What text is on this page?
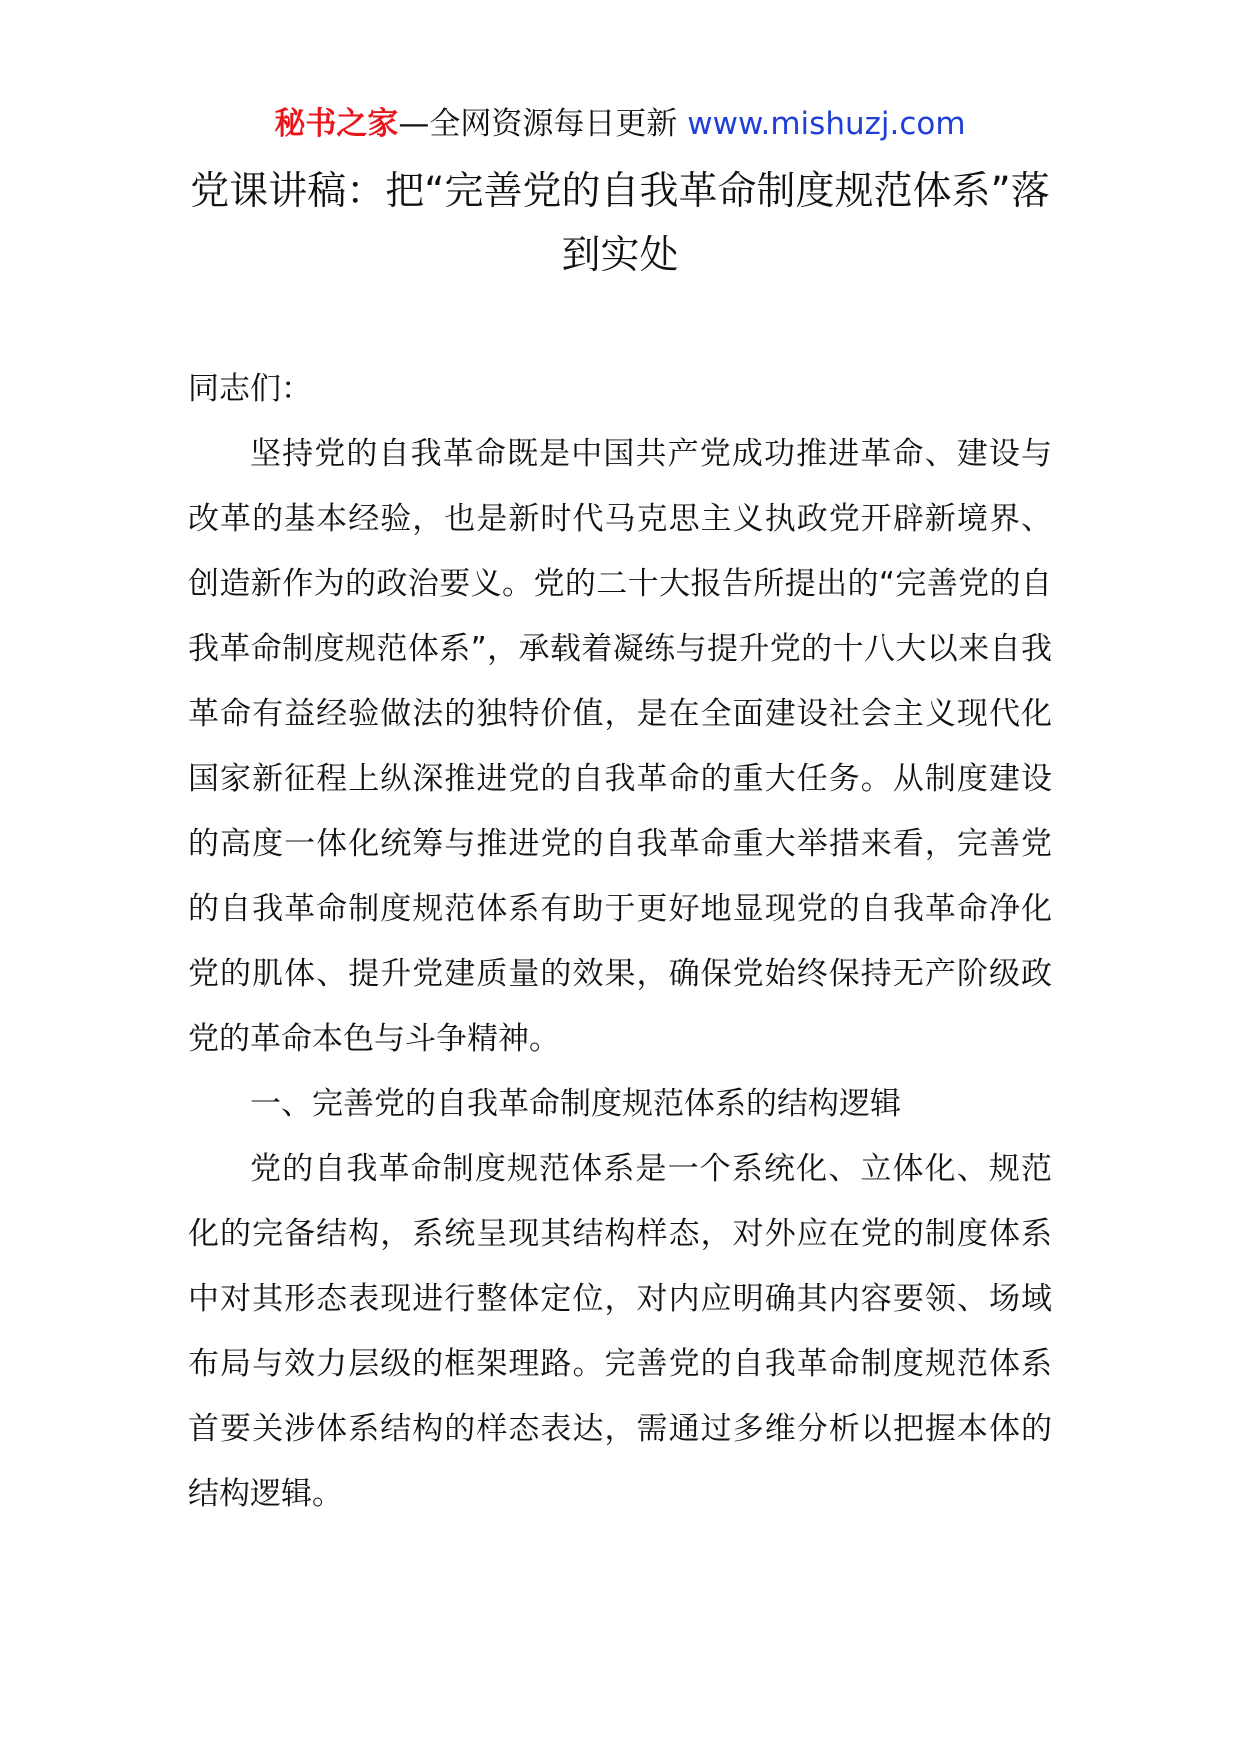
秘书之家—全网资源每日更新 www.mishuzj.com
党课讲稿：把“完善党的自我革命制度规范体系”落到实处

同志们：

坚持党的自我革命既是中国共产党成功推进革命、建设与改革的基本经验，也是新时代马克思主义执政党开辟新境界、创造新作为的政治要义。党的二十大报告所提出的“完善党的自我革命制度规范体系”，承载着凝练与提升党的十八大以来自我革命有益经验做法的独特价值，是在全面建设社会主义现代化国家新征程上纵深推进党的自我革命的重大任务。从制度建设的高度一体化统筹与推进党的自我革命重大举措来看，完善党的自我革命制度规范体系有助于更好地显现党的自我革命净化党的肌体、提升党建质量的效果，确保党始终保持无产阶级政党的革命本色与斗争精神。

一、完善党的自我革命制度规范体系的结构逻辑

党的自我革命制度规范体系是一个系统化、立体化、规范化的完备结构，系统呈现其结构样态，对外应在党的制度体系中对其形态表现进行整体定位，对内应明确其内容要领、场域布局与效力层级的框架理路。完善党的自我革命制度规范体系首要关涉体系结构的样态表达，需通过多维分析以把握本体的结构逻辑。
